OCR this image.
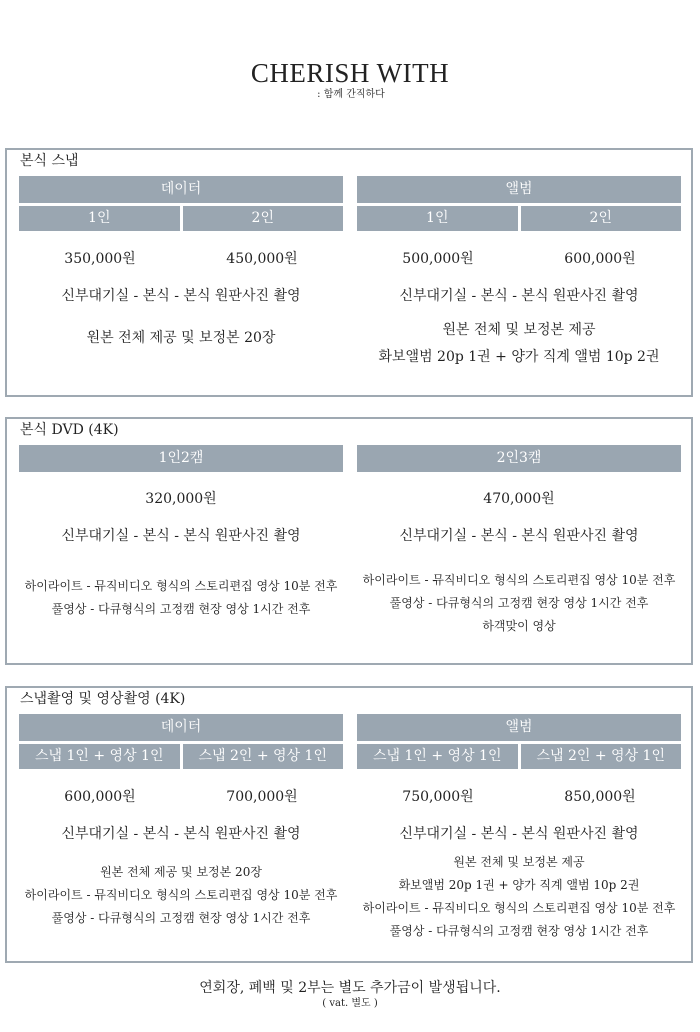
CHERISH WITH
: 함께 간직하다
본식 스냅
데이터
1인	2인
350,000원	450,000원
신부대기실 - 본식 - 본식 원판사진 촬영
원본 전체 제공 및 보정본 20장
앨범
1인	2인
500,000원	600,000원
신부대기실 - 본식 - 본식 원판사진 촬영
원본 전체 및 보정본 제공
화보앨범 20p 1권 + 양가 직계 앨범 10p 2권
본식 DVD (4K)
1인2캠
320,000원
신부대기실 - 본식 - 본식 원판사진 촬영
하이라이트 - 뮤직비디오 형식의 스토리편집 영상 10분 전후
풀영상 - 다큐형식의 고정캠 현장 영상 1시간 전후
2인3캠
470,000원
신부대기실 - 본식 - 본식 원판사진 촬영
하이라이트 - 뮤직비디오 형식의 스토리편집 영상 10분 전후
풀영상 - 다큐형식의 고정캠 현장 영상 1시간 전후
하객맞이 영상
스냅촬영 및 영상촬영 (4K)
데이터
스냅 1인 + 영상 1인	스냅 2인 + 영상 1인
600,000원	700,000원
신부대기실 - 본식 - 본식 원판사진 촬영
원본 전체 제공 및 보정본 20장
하이라이트 - 뮤직비디오 형식의 스토리편집 영상 10분 전후
풀영상 - 다큐형식의 고정캠 현장 영상 1시간 전후
앨범
스냅 1인 + 영상 1인	스냅 2인 + 영상 1인
750,000원	850,000원
신부대기실 - 본식 - 본식 원판사진 촬영
원본 전체 및 보정본 제공
화보앨범 20p 1권 + 양가 직계 앨범 10p 2권
하이라이트 - 뮤직비디오 형식의 스토리편집 영상 10분 전후
풀영상 - 다큐형식의 고정캠 현장 영상 1시간 전후
연회장, 폐백 및 2부는 별도 추가금이 발생됩니다.
( vat. 별도 )
